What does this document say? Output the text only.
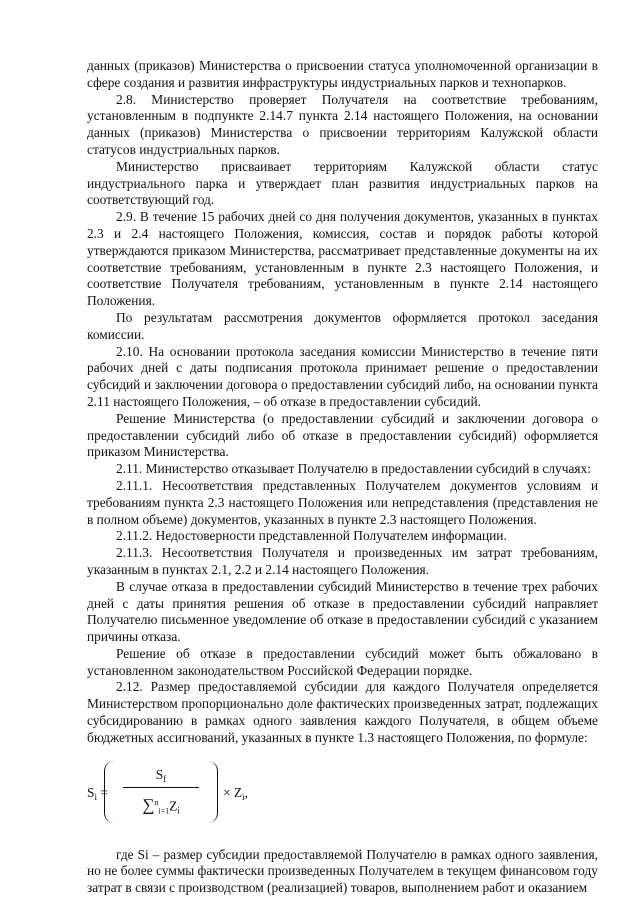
данных (приказов) Министерства о присвоении статуса уполномоченной организации в сфере создания и развития инфраструктуры индустриальных парков и технопарков.

2.8. Министерство проверяет Получателя на соответствие требованиям, установленным в подпункте 2.14.7 пункта 2.14 настоящего Положения, на основании данных (приказов) Министерства о присвоении территориям Калужской области статусов индустриальных парков.

Министерство присваивает территориям Калужской области статус индустриального парка и утверждает план развития индустриальных парков на соответствующий год.

2.9. В течение 15 рабочих дней со дня получения документов, указанных в пунктах 2.3 и 2.4 настоящего Положения, комиссия, состав и порядок работы которой утверждаются приказом Министерства, рассматривает представленные документы на их соответствие требованиям, установленным в пункте 2.3 настоящего Положения, и соответствие Получателя требованиям, установленным в пункте 2.14 настоящего Положения.

По результатам рассмотрения документов оформляется протокол заседания комиссии.

2.10. На основании протокола заседания комиссии Министерство в течение пяти рабочих дней с даты подписания протокола принимает решение о предоставлении субсидий и заключении договора о предоставлении субсидий либо, на основании пункта 2.11 настоящего Положения, – об отказе в предоставлении субсидий.

Решение Министерства (о предоставлении субсидий и заключении договора о предоставлении субсидий либо об отказе в предоставлении субсидий) оформляется приказом Министерства.

2.11. Министерство отказывает Получателю в предоставлении субсидий в случаях:

2.11.1. Несоответствия представленных Получателем документов условиям и требованиям пункта 2.3 настоящего Положения или непредставления (представления не в полном объеме) документов, указанных в пункте 2.3 настоящего Положения.

2.11.2. Недостоверности представленной Получателем информации.

2.11.3. Несоответствия Получателя и произведенных им затрат требованиям, указанным в пунктах 2.1, 2.2 и 2.14 настоящего Положения.

В случае отказа в предоставлении субсидий Министерство в течение трех рабочих дней с даты принятия решения об отказе в предоставлении субсидий направляет Получателю письменное уведомление об отказе в предоставлении субсидий с указанием причины отказа.

Решение об отказе в предоставлении субсидий может быть обжаловано в установленном законодательством Российской Федерации порядке.

2.12. Размер предоставляемой субсидии для каждого Получателя определяется Министерством пропорционально доле фактических произведенных затрат, подлежащих субсидированию в рамках одного заявления каждого Получателя, в общем объеме бюджетных ассигнований, указанных в пункте 1.3 настоящего Положения, по формуле:

$S_i$ =
$S_f$
$\sum^n_{i=1}Z_i$
× $Z_i$,

где Si – размер субсидии предоставляемой Получателю в рамках одного заявления, но не более суммы фактически произведенных Получателем в текущем финансовом году затрат в связи с производством (реализацией) товаров, выполнением работ и оказанием
